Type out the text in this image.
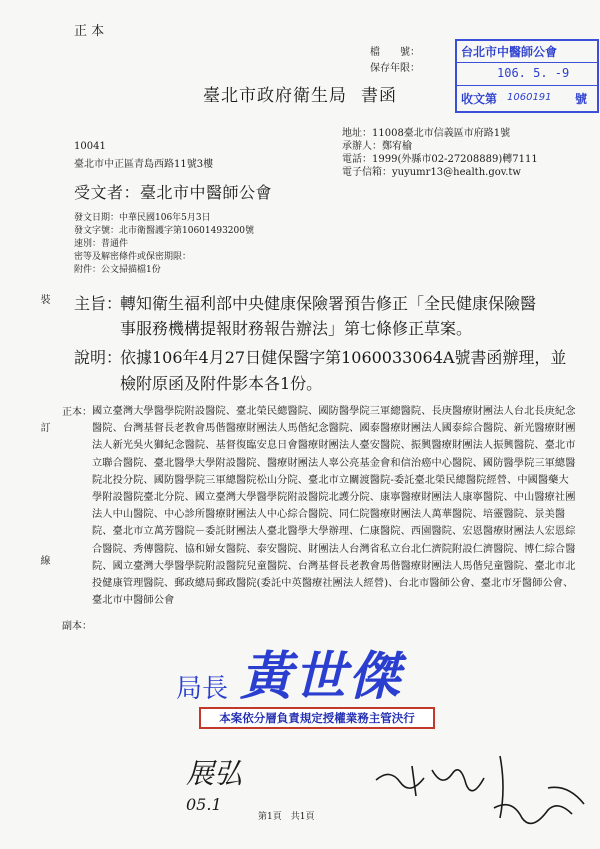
正 本
檔　　號：
保存年限：
臺北市政府衛生局 書函
台北市中醫師公會
106. 5. -9
收文第 1060191 號
10041
臺北市中正區青島西路11號3樓
地址：11008臺北市信義區市府路1號
承辦人：鄭宥榆
電話：1999(外縣市02-27208889)轉7111
電子信箱：yuyumr13@health.gov.tw
受文者：臺北市中醫師公會
發文日期：中華民國106年5月3日
發文字號：北市衛醫護字第10601493200號
速別：普通件
密等及解密條件或保密期限：
附件：公文掃描檔1份
裝
訂
線
主旨：
轉知衛生福利部中央健康保險署預告修正「全民健康保險醫
事服務機構提報財務報告辦法」第七條修正草案。
說明：
依據106年4月27日健保醫字第1060033064A號書函辦理，並
檢附原函及附件影本各1份。
正本： 國立臺灣大學醫學院附設醫院、臺北榮民總醫院、國防醫學院三軍總醫院、長庚醫療財團法人台北長庚紀念醫院、台灣基督長老教會馬偕醫療財團法人馬偕紀念醫院、國泰醫療財團法人國泰綜合醫院、新光醫療財團法人新光吳火獅紀念醫院、基督復臨安息日會醫療財團法人臺安醫院、振興醫療財團法人振興醫院、臺北市立聯合醫院、臺北醫學大學附設醫院、醫療財團法人辜公亮基金會和信治癌中心醫院、國防醫學院三軍總醫院北投分院、國防醫學院三軍總醫院松山分院、臺北市立關渡醫院-委託臺北榮民總醫院經營、中國醫藥大學附設醫院臺北分院、國立臺灣大學醫學院附設醫院北護分院、康寧醫療財團法人康寧醫院、中山醫療社團法人中山醫院、中心診所醫療財團法人中心綜合醫院、同仁院醫療財團法人萬華醫院、培靈醫院、景美醫院、臺北市立萬芳醫院－委託財團法人臺北醫學大學辦理、仁康醫院、西園醫院、宏恩醫療財團法人宏恩綜合醫院、秀傳醫院、協和婦女醫院、泰安醫院、財團法人台灣省私立台北仁濟院附設仁濟醫院、博仁綜合醫院、國立臺灣大學醫學院附設醫院兒童醫院、台灣基督長老教會馬偕醫療財團法人馬偕兒童醫院、臺北市北投健康管理醫院、郵政總局郵政醫院(委託中英醫療社團法人經營)、台北市醫師公會、臺北市牙醫師公會、臺北市中醫師公會
副本：
局長 黃世傑
本案依分層負責規定授權業務主管決行
展弘
05.1
第1頁　共1頁
